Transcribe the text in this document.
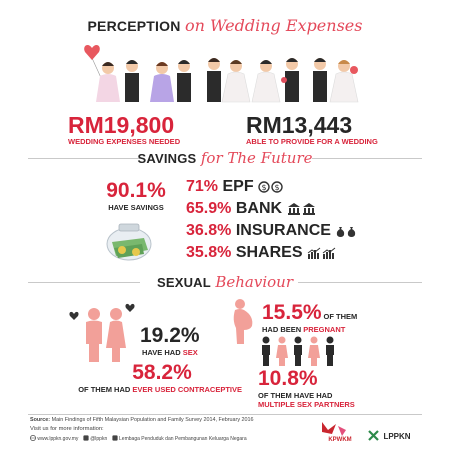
PERCEPTION on Wedding Expenses
RM19,800
WEDDING EXPENSES NEEDED
RM13,443
ABLE TO PROVIDE FOR A WEDDING
SAVINGS for The Future
90.1%
HAVE SAVINGS
71% EPF $ $
65.9% BANK
36.8% INSURANCE
35.8% SHARES
SEXUAL Behaviour
19.2%
HAVE HAD SEX
58.2%
OF THEM HAD EVER USED CONTRACEPTIVE
15.5% OF THEM
HAD BEEN PREGNANT
10.8%
OF THEM HAVE HAD
MULTIPLE SEX PARTNERS
Source: Main Findings of Fifth Malaysian Population and Family Survey 2014, February 2016
Visit us for more information:
www.lppkn.gov.my @lppkn Lembaga Penduduk dan Pembangunan Keluarga Negara	KPWKM	LPPKN
